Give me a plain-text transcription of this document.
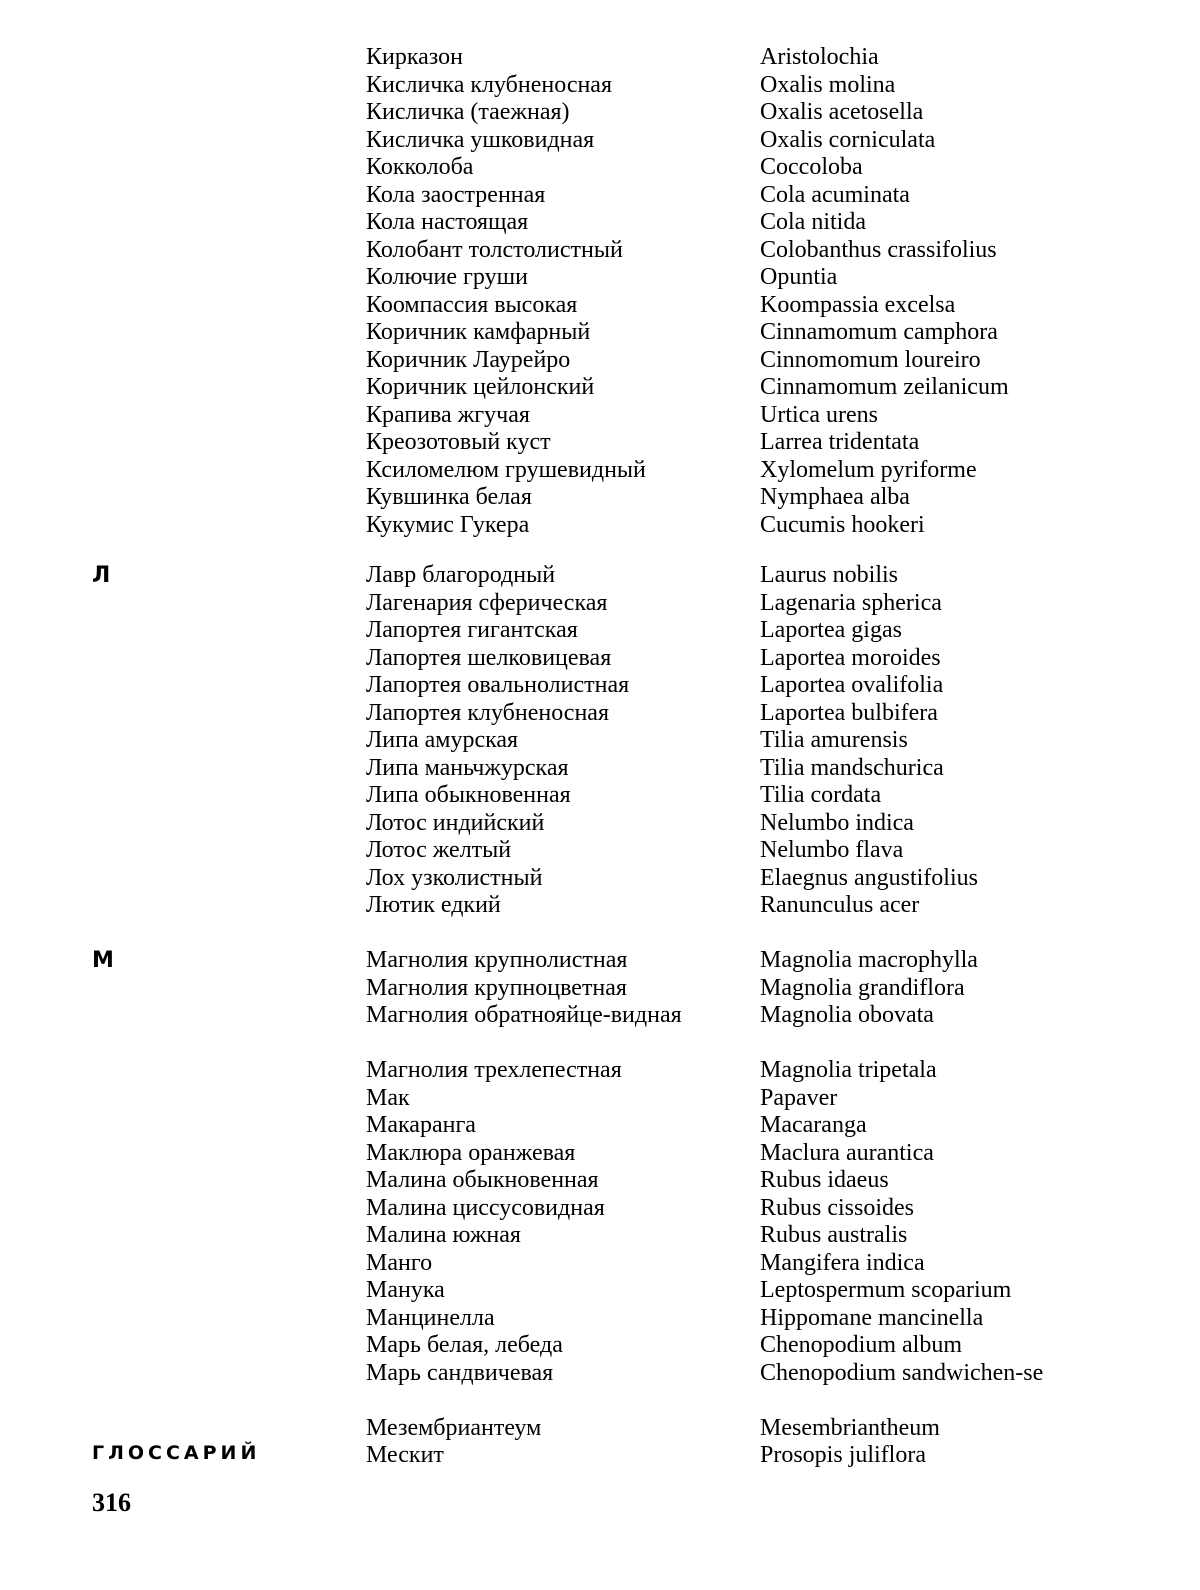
Кирказон	Aristolochia
Кисличка клубненосная	Oxalis molina
Кисличка (таежная)	Oxalis acetosella
Кисличка ушковидная	Oxalis corniculata
Кокколоба	Coccoloba
Кола заостренная	Cola acuminata
Кола настоящая	Cola nitida
Колобант толстолистный	Colobanthus crassifolius
Колючие груши	Opuntia
Коомпассия высокая	Koompassia excelsa
Коричник камфарный	Cinnamomum camphora
Коричник Лаурейро	Cinnomomum loureiro
Коричник цейлонский	Cinnamomum zeilanicum
Крапива жгучая	Urtica urens
Креозотовый куст	Larrea tridentata
Ксиломелюм грушевидный	Xylomelum pyriforme
Кувшинка белая	Nymphaea alba
Кукумис Гукера	Cucumis hookeri
Л	Лавр благородный	Laurus nobilis
Лагенария сферическая	Lagenaria spherica
Лапортея гигантская	Laportea gigas
Лапортея шелковицевая	Laportea moroides
Лапортея овальнолистная	Laportea ovalifolia
Лапортея клубненосная	Laportea bulbifera
Липа амурская	Tilia amurensis
Липа маньчжурская	Tilia mandschurica
Липа обыкновенная	Tilia cordata
Лотос индийский	Nelumbo indica
Лотос желтый	Nelumbo flava
Лох узколистный	Elaegnus angustifolius
Лютик едкий	Ranunculus acer
М	Магнолия крупнолистная	Magnolia macrophylla
Магнолия крупноцветная	Magnolia grandiflora
Магнолия обратнояйце-видная	Magnolia obovata
Магнолия трехлепестная	Magnolia tripetala
Мак	Papaver
Макаранга	Macaranga
Маклюра оранжевая	Maclura aurantica
Малина обыкновенная	Rubus idaeus
Малина циссусовидная	Rubus cissoides
Малина южная	Rubus australis
Манго	Mangifera indica
Манука	Leptospermum scoparium
Манцинелла	Hippomane mancinella
Марь белая, лебеда	Chenopodium album
Марь сандвичевая	Chenopodium sandwichen-se
Мезембриантеум	Mesembriantheum
Мескит	Prosopis juliflora
ГЛОССАРИЙ
316
